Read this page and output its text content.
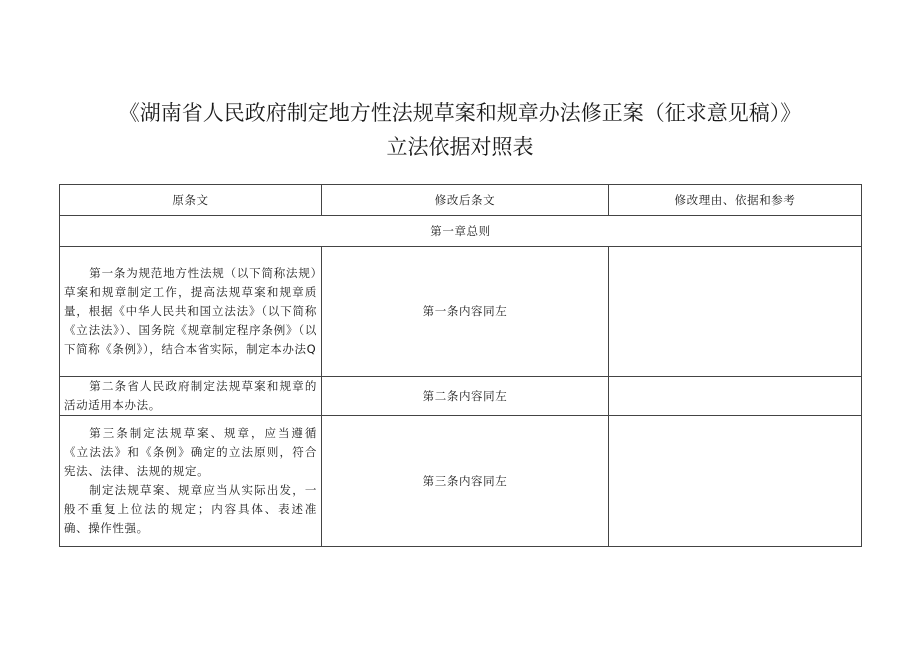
《湖南省人民政府制定地方性法规草案和规章办法修正案（征求意见稿）》
立法依据对照表
原条文	修改后条文	修改理由、依据和参考

第一章总则		

第一条为规范地方性法规（以下简称法规）草案和规章制定工作，提高法规草案和规章质量，根据《中华人民共和国立法法》（以下简称《立法法》）、国务院《规章制定程序条例》（以下简称《条例》），结合本省实际，制定本办法Q	第一条内容同左	

第二条省人民政府制定法规草案和规章的活动适用本办法。	第二条内容同左	

第三条制定法规草案、规章，应当遵循《立法法》和《条例》确定的立法原则，符合宪法、法律、法规的规定。

制定法规草案、规章应当从实际出发，一般不重复上位法的规定；内容具体、表述准确、操作性强。	第三条内容同左	
